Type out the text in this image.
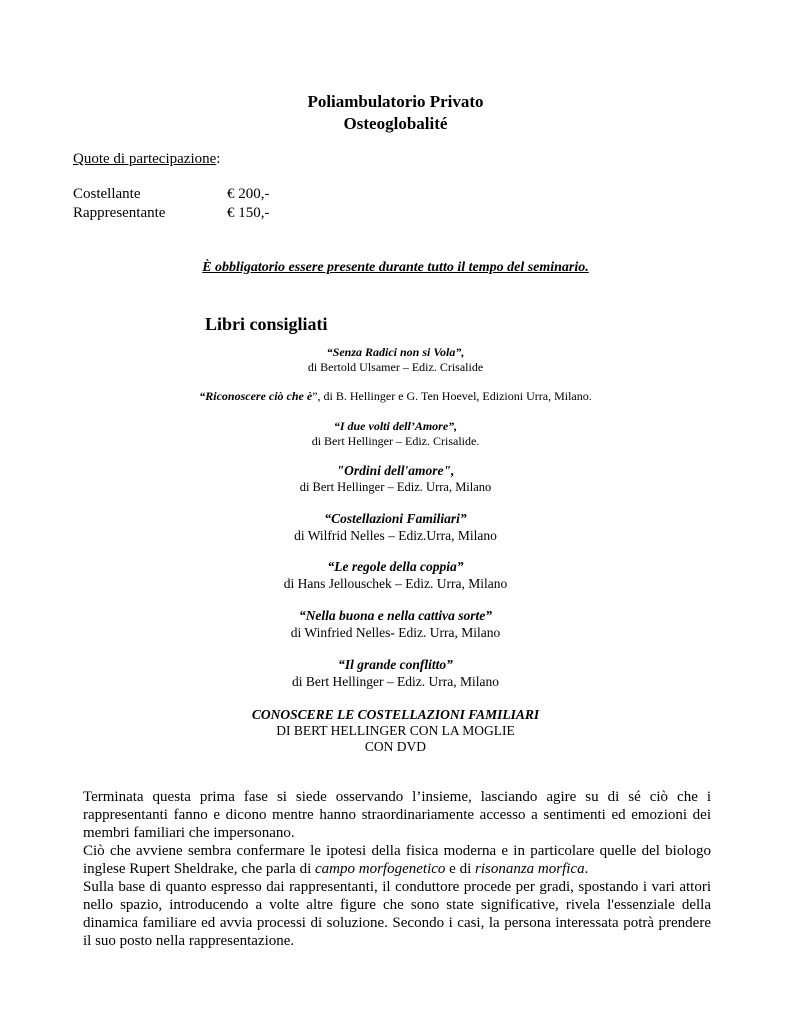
Poliambulatorio Privato
Osteoglobalité
Quote di partecipazione:
Costellante	€ 200,-
Rappresentante	€ 150,-
È obbligatorio essere presente durante tutto il tempo del seminario.
Libri consigliati
“Senza Radici non si Vola”,
di Bertold Ulsamer – Ediz. Crisalide
“Riconoscere ciò che è”, di B. Hellinger e G. Ten Hoevel, Edizioni Urra, Milano.
“I due volti dell’Amore”,
di Bert Hellinger – Ediz. Crisalide.
"Ordini dell'amore",
di Bert Hellinger – Ediz. Urra, Milano
“Costellazioni Familiari”
di Wilfrid Nelles – Ediz.Urra, Milano
“Le regole della coppia”
di Hans Jellouschek – Ediz. Urra, Milano
“Nella buona e nella cattiva sorte”
di Winfried Nelles- Ediz. Urra, Milano
“Il grande conflitto”
di Bert Hellinger – Ediz. Urra, Milano
CONOSCERE LE COSTELLAZIONI FAMILIARI
DI BERT HELLINGER CON LA MOGLIE
CON DVD

Terminata questa prima fase si siede osservando l’insieme, lasciando agire su di sé ciò che i rappresentanti fanno e dicono mentre hanno straordinariamente accesso a sentimenti ed emozioni dei membri familiari che impersonano.

Ciò che avviene sembra confermare le ipotesi della fisica moderna e in particolare quelle del biologo inglese Rupert Sheldrake, che parla di campo morfogenetico e di risonanza morfica.

Sulla base di quanto espresso dai rappresentanti, il conduttore procede per gradi, spostando i vari attori nello spazio, introducendo a volte altre figure che sono state significative, rivela l'essenziale della dinamica familiare ed avvia processi di soluzione. Secondo i casi, la persona interessata potrà prendere il suo posto nella rappresentazione.
